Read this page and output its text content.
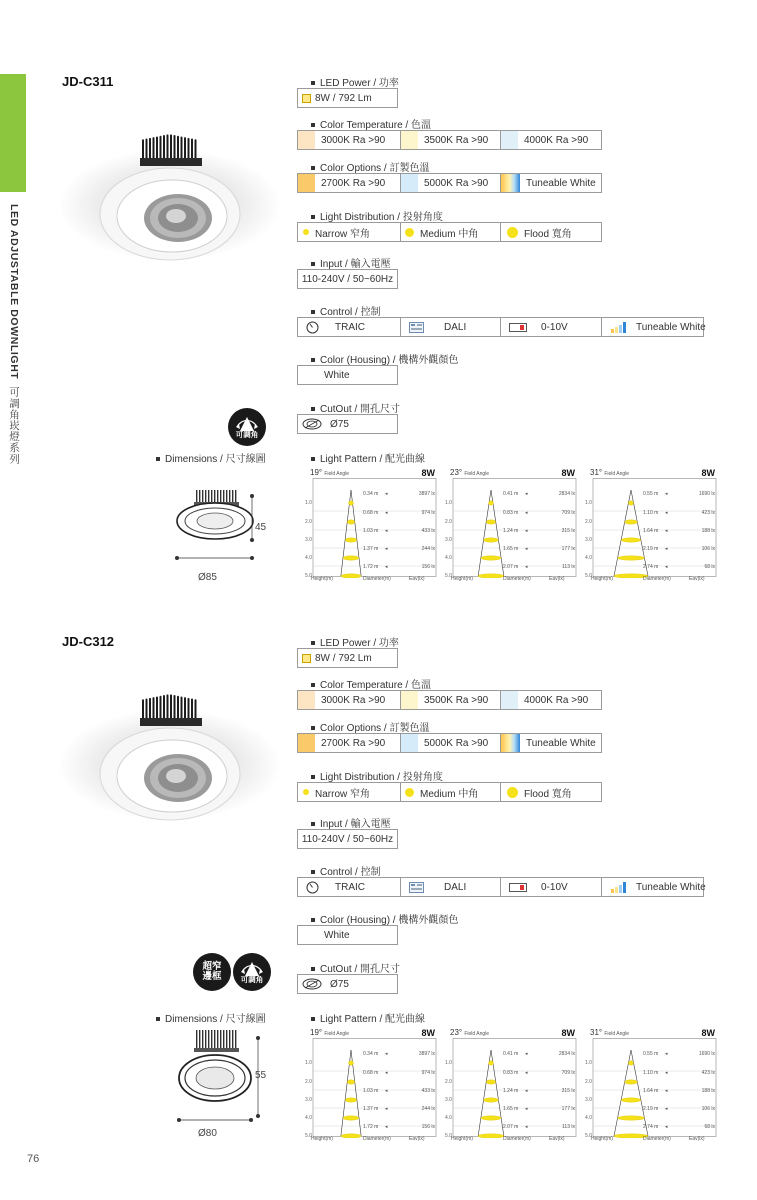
LED ADJUSTABLE DOWNLIGHT  可調角崁燈系列
76
JD-C311
可調角
Dimensions / 尺寸線圖
45
Ø85
LED Power / 功率
Color Temperature / 色溫
Color Options / 訂製色溫
Light Distribution / 投射角度
Input / 輸入電壓
Control / 控制
Color (Housing) / 機構外觀顏色
CutOut / 開孔尺寸
8W / 792 Lm
3000K Ra >90	3500K Ra >90	4000K Ra >90
2700K Ra >90	5000K Ra >90	Tuneable White
Narrow 窄角	Medium 中角	Flood 寬角
110-240V / 50~60Hz
TRAIC	DALI	0-10V	Tuneable White
White
Ø75
Light Pattern / 配光曲線
19° Field Angle	8W
1.0
2.0
3.0
4.0
5.0
0.34 m ◂	3897 lx
0.68 m ◂	974 lx
1.03 m ◂	433 lx
1.37 m ◂	244 lx
1.72 m ◂	156 lx
Height(m)	Diameter(m)	Eav(lx)
23° Field Angle	8W
1.0
2.0
3.0
4.0
5.0
0.41 m ◂	2834 lx
0.83 m ◂	709 lx
1.24 m ◂	315 lx
1.65 m ◂	177 lx
2.07 m ◂	113 lx
Height(m)	Diameter(m)	Eav(lx)
31° Field Angle	8W
1.0
2.0
3.0
4.0
5.0
0.55 m ◂	1690 lx
1.10 m ◂	423 lx
1.64 m ◂	188 lx
2.19 m ◂	106 lx
2.74 m ◂	68 lx
Height(m)	Diameter(m)	Eav(lx)
JD-C312
超窄
邊框	可調角
Dimensions / 尺寸線圖
55
Ø80
LED Power / 功率
Color Temperature / 色溫
Color Options / 訂製色溫
Light Distribution / 投射角度
Input / 輸入電壓
Control / 控制
Color (Housing) / 機構外觀顏色
CutOut / 開孔尺寸
8W / 792 Lm
3000K Ra >90	3500K Ra >90	4000K Ra >90
2700K Ra >90	5000K Ra >90	Tuneable White
Narrow 窄角	Medium 中角	Flood 寬角
110-240V / 50~60Hz
TRAIC	DALI	0-10V	Tuneable White
White
Ø75
Light Pattern / 配光曲線
19° Field Angle	8W
1.0
2.0
3.0
4.0
5.0
0.34 m ◂	3897 lx
0.68 m ◂	974 lx
1.03 m ◂	433 lx
1.37 m ◂	244 lx
1.72 m ◂	156 lx
Height(m)	Diameter(m)	Eav(lx)
23° Field Angle	8W
1.0
2.0
3.0
4.0
5.0
0.41 m ◂	2834 lx
0.83 m ◂	709 lx
1.24 m ◂	315 lx
1.65 m ◂	177 lx
2.07 m ◂	113 lx
Height(m)	Diameter(m)	Eav(lx)
31° Field Angle	8W
1.0
2.0
3.0
4.0
5.0
0.55 m ◂	1690 lx
1.10 m ◂	423 lx
1.64 m ◂	188 lx
2.19 m ◂	106 lx
2.74 m ◂	68 lx
Height(m)	Diameter(m)	Eav(lx)
